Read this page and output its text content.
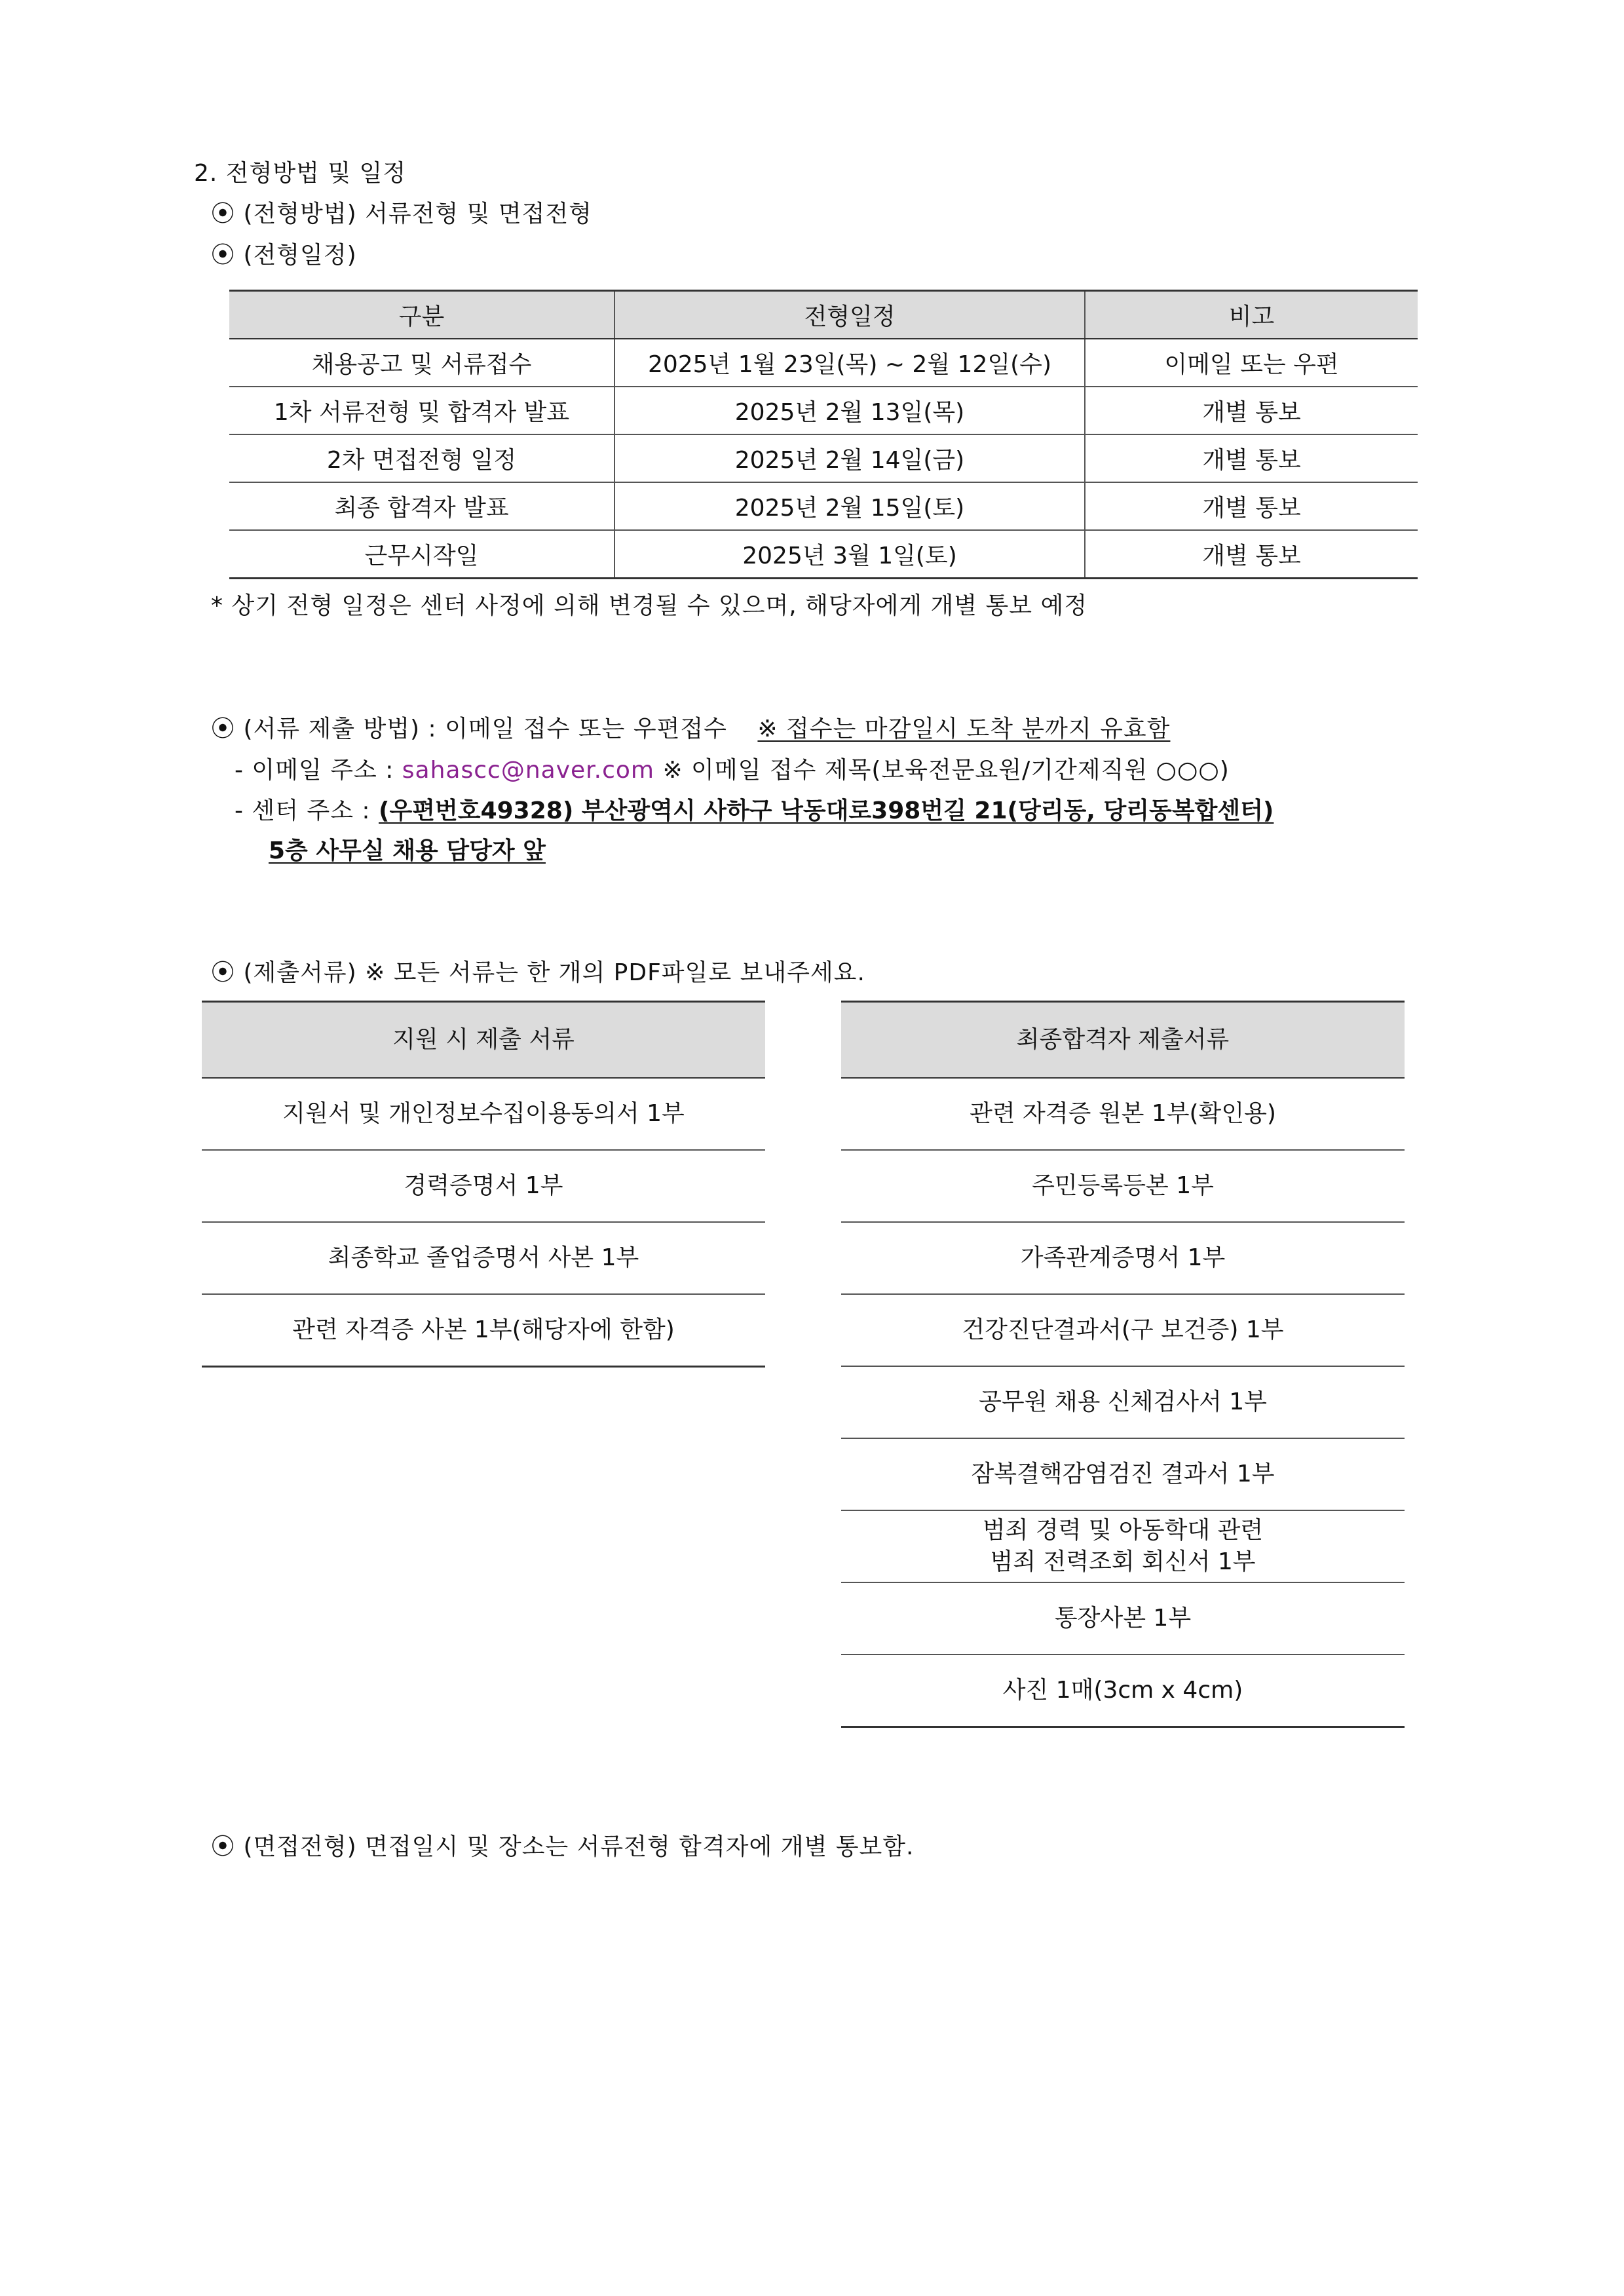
2. 전형방법 및 일정
⦿ (전형방법) 서류전형 및 면접전형
⦿ (전형일정)
구분	전형일정	비고
채용공고 및 서류접수	2025년 1월 23일(목) ~ 2월 12일(수)	이메일 또는 우편
1차 서류전형 및 합격자 발표	2025년 2월 13일(목)	개별 통보
2차 면접전형 일정	2025년 2월 14일(금)	개별 통보
최종 합격자 발표	2025년 2월 15일(토)	개별 통보
근무시작일	2025년 3월 1일(토)	개별 통보
* 상기 전형 일정은 센터 사정에 의해 변경될 수 있으며, 해당자에게 개별 통보 예정
⦿ (서류 제출 방법) : 이메일 접수 또는 우편접수 ※ 접수는 마감일시 도착 분까지 유효함
- 이메일 주소 : sahascc@naver.com ※ 이메일 접수 제목(보육전문요원/기간제직원 ○○○)
- 센터 주소 : (우편번호49328) 부산광역시 사하구 낙동대로398번길 21(당리동, 당리동복합센터)
5층 사무실 채용 담당자 앞
⦿ (제출서류) ※ 모든 서류는 한 개의 PDF파일로 보내주세요.
지원 시 제출 서류
지원서 및 개인정보수집이용동의서 1부
경력증명서 1부
최종학교 졸업증명서 사본 1부
관련 자격증 사본 1부(해당자에 한함)
최종합격자 제출서류
관련 자격증 원본 1부(확인용)
주민등록등본 1부
가족관계증명서 1부
건강진단결과서(구 보건증) 1부
공무원 채용 신체검사서 1부
잠복결핵감염검진 결과서 1부
범죄 경력 및 아동학대 관련
범죄 전력조회 회신서 1부
통장사본 1부
사진 1매(3cm x 4cm)
⦿ (면접전형) 면접일시 및 장소는 서류전형 합격자에 개별 통보함.
